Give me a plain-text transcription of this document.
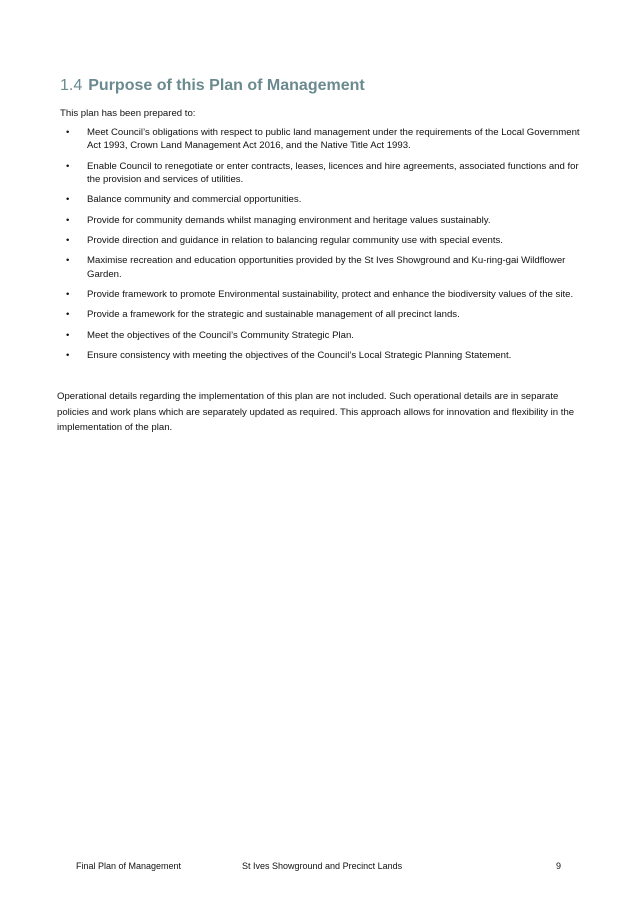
1.4 Purpose of this Plan of Management
This plan has been prepared to:
• Meet Council’s obligations with respect to public land management under the requirements of the Local Government Act 1993, Crown Land Management Act 2016, and the Native Title Act 1993.
• Enable Council to renegotiate or enter contracts, leases, licences and hire agreements, associated functions and for the provision and services of utilities.
• Balance community and commercial opportunities.
• Provide for community demands whilst managing environment and heritage values sustainably.
• Provide direction and guidance in relation to balancing regular community use with special events.
• Maximise recreation and education opportunities provided by the St Ives Showground and Ku-ring-gai Wildflower Garden.
• Provide framework to promote Environmental sustainability, protect and enhance the biodiversity values of the site.
• Provide a framework for the strategic and sustainable management of all precinct lands.
• Meet the objectives of the Council’s Community Strategic Plan.
• Ensure consistency with meeting the objectives of the Council’s Local Strategic Planning Statement.
Operational details regarding the implementation of this plan are not included. Such operational details are in separate policies and work plans which are separately updated as required. This approach allows for innovation and flexibility in the implementation of the plan.
Final Plan of Management	St Ives Showground and Precinct Lands	9
